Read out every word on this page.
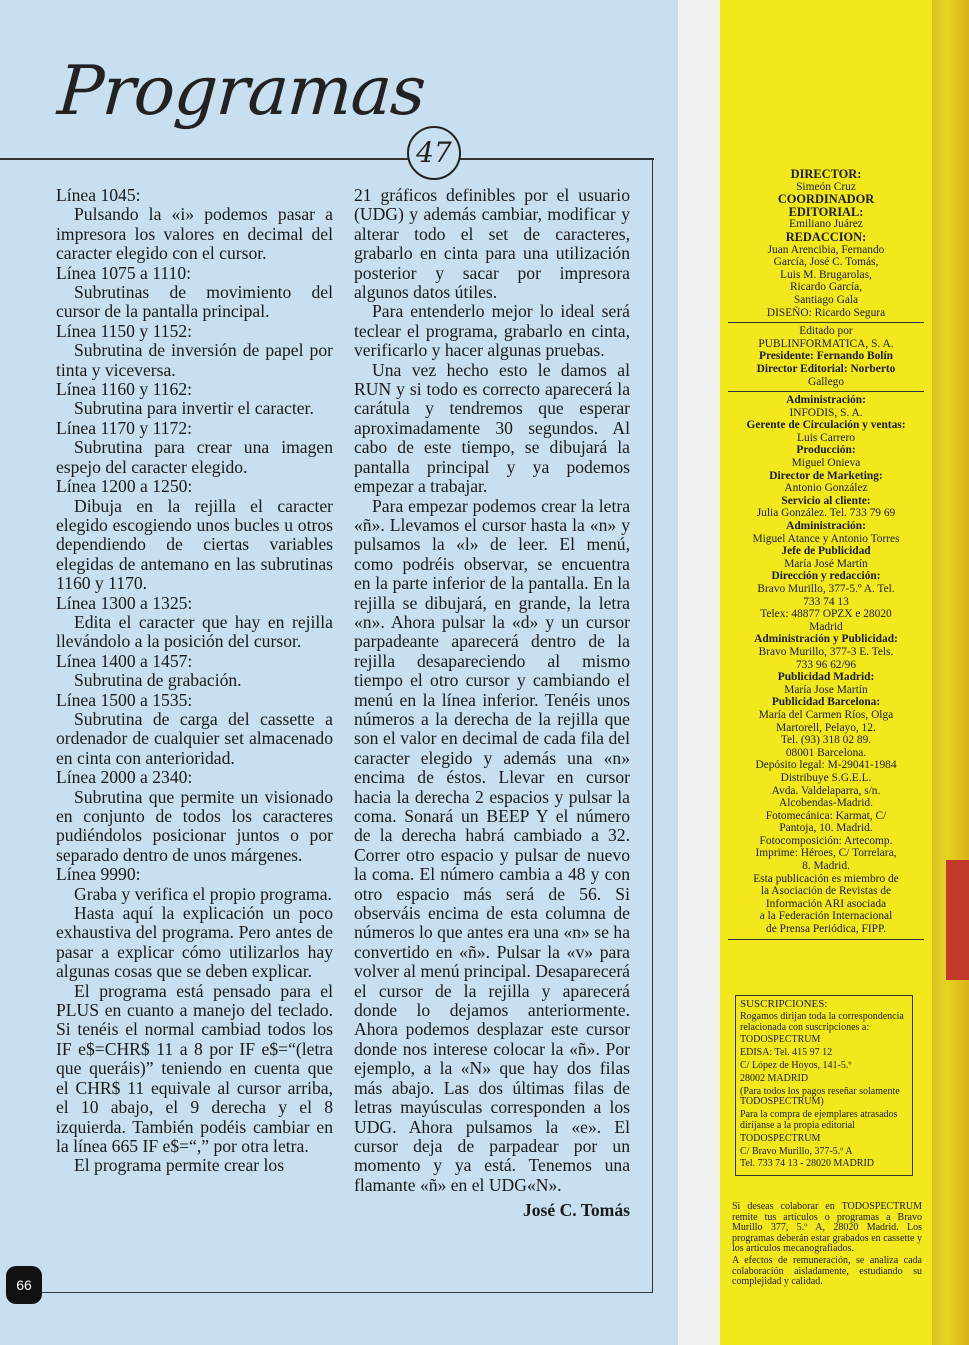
Programas
47

Línea 1045:

Pulsando la «i» podemos pasar a impresora los valores en decimal del caracter elegido con el cursor.

Línea 1075 a 1110:

Subrutinas de movimiento del cursor de la pantalla principal.

Línea 1150 y 1152:

Subrutina de inversión de papel por tinta y viceversa.

Línea 1160 y 1162:

Subrutina para invertir el caracter.

Línea 1170 y 1172:

Subrutina para crear una imagen espejo del caracter elegido.

Línea 1200 a 1250:

Dibuja en la rejilla el caracter elegido escogiendo unos bucles u otros dependiendo de ciertas variables elegidas de antemano en las subrutinas 1160 y 1170.

Línea 1300 a 1325:

Edita el caracter que hay en rejilla llevándolo a la posición del cursor.

Línea 1400 a 1457:

Subrutina de grabación.

Línea 1500 a 1535:

Subrutina de carga del cassette a ordenador de cualquier set almacenado en cinta con anterioridad.

Línea 2000 a 2340:

Subrutina que permite un visionado en conjunto de todos los caracteres pudiéndolos posicionar juntos o por separado dentro de unos márgenes.

Línea 9990:

Graba y verifica el propio programa.

Hasta aquí la explicación un poco exhaustiva del programa. Pero antes de pasar a explicar cómo utilizarlos hay algunas cosas que se deben explicar.

El programa está pensado para el PLUS en cuanto a manejo del teclado. Si tenéis el normal cambiad todos los IF e$=CHR$ 11 a 8 por IF e$=“(letra que queráis)” teniendo en cuenta que el CHR$ 11 equivale al cursor arriba, el 10 abajo, el 9 derecha y el 8 izquierda. También podéis cambiar en la línea 665 IF e$=“,” por otra letra.

El programa permite crear los

21 gráficos definibles por el usuario (UDG) y además cambiar, modificar y alterar todo el set de caracteres, grabarlo en cinta para una utilización posterior y sacar por impresora algunos datos útiles.

Para entenderlo mejor lo ideal será teclear el programa, grabarlo en cinta, verificarlo y hacer algunas pruebas.

Una vez hecho esto le damos al RUN y si todo es correcto aparecerá la carátula y tendremos que esperar aproximadamente 30 segundos. Al cabo de este tiempo, se dibujará la pantalla principal y ya podemos empezar a trabajar.

Para empezar podemos crear la letra «ñ». Llevamos el cursor hasta la «n» y pulsamos la «l» de leer. El menú, como podréis observar, se encuentra en la parte inferior de la pantalla. En la rejilla se dibujará, en grande, la letra «n». Ahora pulsar la «d» y un cursor parpadeante aparecerá dentro de la rejilla desapareciendo al mismo tiempo el otro cursor y cambiando el menú en la línea inferior. Tenéis unos números a la derecha de la rejilla que son el valor en decimal de cada fila del caracter elegido y además una «n» encima de éstos. Llevar en cursor hacia la derecha 2 espacios y pulsar la coma. Sonará un BEEP Y el número de la derecha habrá cambiado a 32. Correr otro espacio y pulsar de nuevo la coma. El número cambia a 48 y con otro espacio más será de 56. Si observáis encima de esta columna de números lo que antes era una «n» se ha convertido en «ñ». Pulsar la «v» para volver al menú principal. Desaparecerá el cursor de la rejilla y aparecerá donde lo dejamos anteriormente. Ahora podemos desplazar este cursor donde nos interese colocar la «ñ». Por ejemplo, a la «N» que hay dos filas más abajo. Las dos últimas filas de letras mayúsculas corresponden a los UDG. Ahora pulsamos la «e». El cursor deja de parpadear por un momento y ya está. Tenemos una flamante «ñ» en el UDG«N».

José C. Tomás

66
DIRECTOR:
Simeón Cruz
COORDINADOR
EDITORIAL:
Emiliano Juárez
REDACCION:
Juan Arencibia, Fernando
García, José C. Tomás,
Luis M. Brugarolas,
Ricardo García,
Santiago Gala
DISEÑO: Ricardo Segura
Editado por
PUBLINFORMATICA, S. A.
Presidente: Fernando Bolín
Director Editorial: Norberto
Gallego
Administración:
INFODIS, S. A.
Gerente de Circulación y ventas:
Luis Carrero
Producción:
Miguel Onieva
Director de Marketing:
Antonio González
Servicio al cliente:
Julia González. Tel. 733 79 69
Administración:
Miguel Atance y Antonio Torres
Jefe de Publicidad
María José Martín
Dirección y redacción:
Bravo Murillo, 377-5.º A. Tel.
733 74 13
Telex: 48877 OPZX e 28020
Madrid
Administración y Publicidad:
Bravo Murillo, 377-3 E. Tels.
733 96 62/96
Publicidad Madrid:
María Jose Martín
Publicidad Barcelona:
María del Carmen Ríos, Olga
Martorell, Pelayo, 12.
Tel. (93) 318 02 89.
08001 Barcelona.
Depósito legal: M-29041-1984
Distribuye S.G.E.L.
Avda. Valdelaparra, s/n.
Alcobendas-Madrid.
Fotomecánica: Karmat, C/
Pantoja, 10. Madrid.
Fotocomposición: Artecomp.
Imprime: Héroes, C/ Torrelara,
8. Madrid.
Esta publicación es miembro de
la Asociación de Revistas de
Información ARI asociada
a la Federación Internacional
de Prensa Periódica, FIPP.

SUSCRIPCIONES:

Rogamos dirijan toda la correspondencia relacionada con suscripciones a:

TODOSPECTRUM

EDISA: Tel. 415 97 12

C/ López de Hoyos, 141-5.º

28002 MADRID

(Para todos los pagos reseñar solamente TODOSPECTRUM)

Para la compra de ejemplares atrasados diríjanse a la propia editorial

TODOSPECTRUM

C/ Bravo Murillo, 377-5.º A

Tel. 733 74 13 - 28020 MADRID

Si deseas colaborar en TODOSPECTRUM remite tus artículos o programas a Bravo Murillo 377, 5.º A, 28020 Madrid. Los programas deberán estar grabados en cassette y los artículos mecanografiados.

A efectos de remuneración, se analiza cada colaboración aisladamente, estudiando su complejidad y calidad.
